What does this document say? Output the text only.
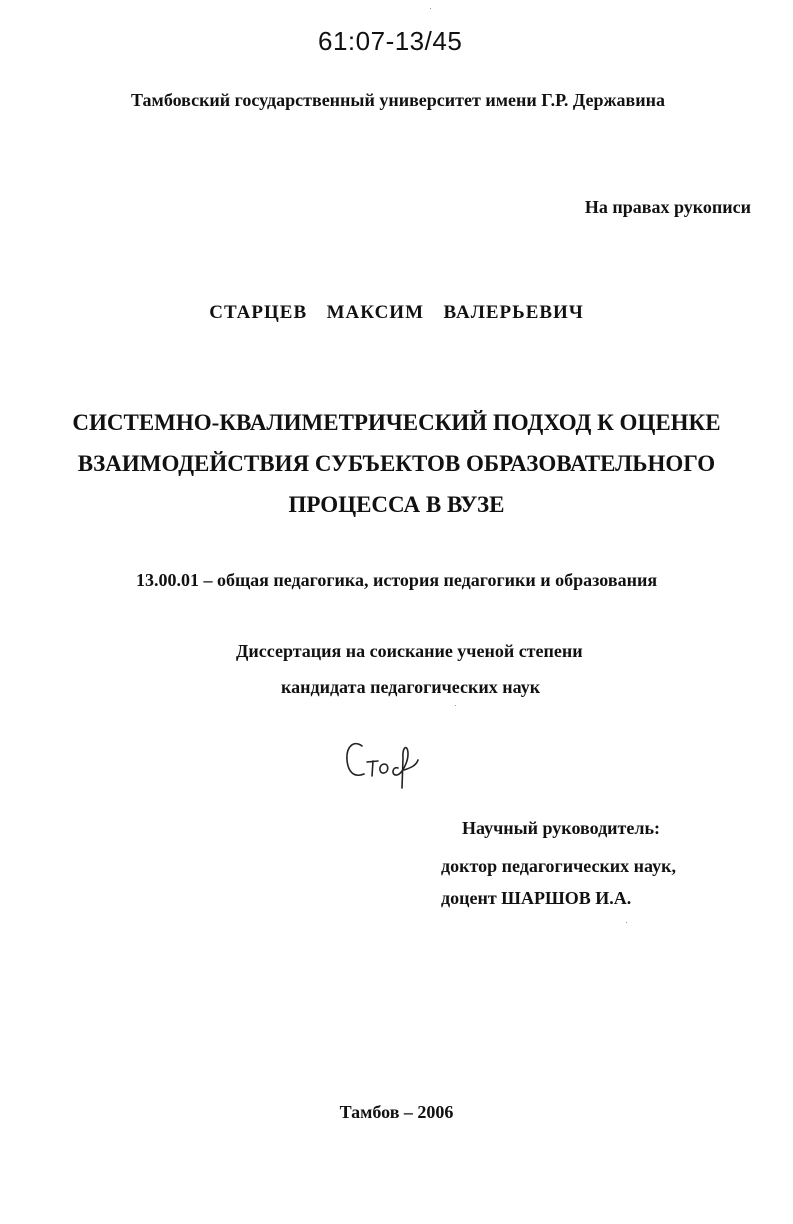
61:07-13/45
Тамбовский государственный университет имени Г.Р. Державина
На правах рукописи
СТАРЦЕВ  МАКСИМ  ВАЛЕРЬЕВИЧ
СИСТЕМНО-КВАЛИМЕТРИЧЕСКИЙ ПОДХОД К ОЦЕНКЕ
ВЗАИМОДЕЙСТВИЯ СУБЪЕКТОВ ОБРАЗОВАТЕЛЬНОГО
ПРОЦЕССА В ВУЗЕ
13.00.01 – общая педагогика, история педагогики и образования
Диссертация на соискание ученой степени
кандидата педагогических наук
Научный руководитель:
доктор педагогических наук,
доцент ШАРШОВ И.А.
Тамбов – 2006
